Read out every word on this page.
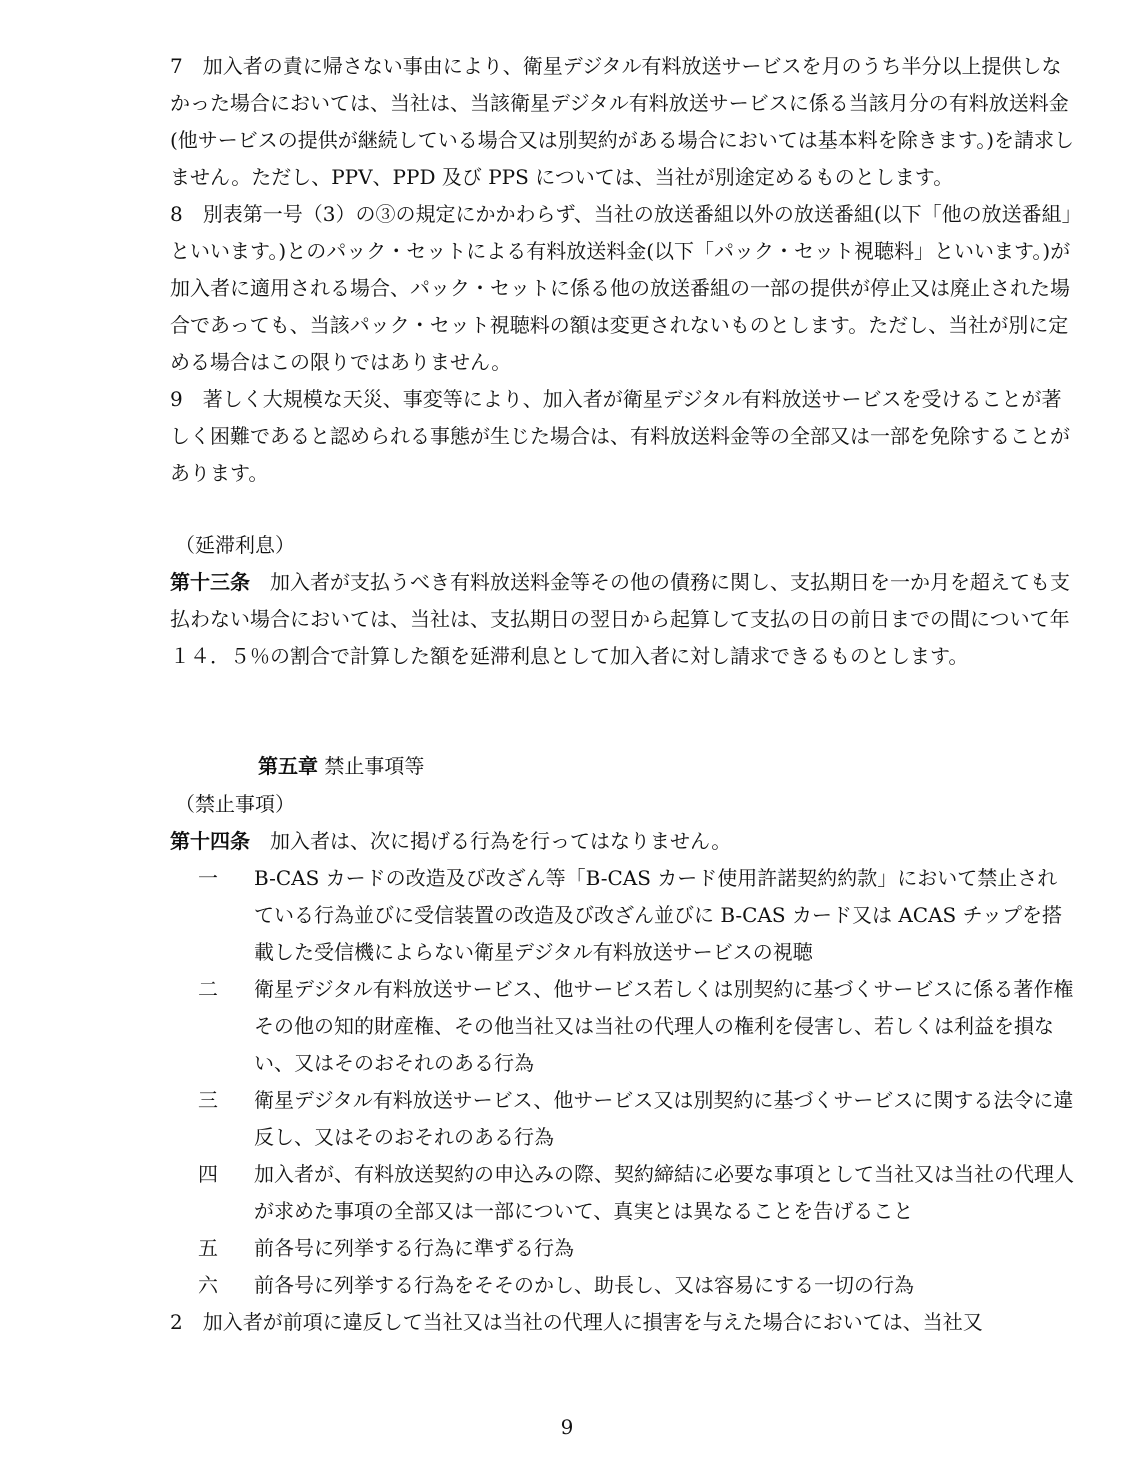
7　加入者の責に帰さない事由により、衛星デジタル有料放送サービスを月のうち半分以上提供しなかった場合においては、当社は、当該衛星デジタル有料放送サービスに係る当該月分の有料放送料金(他サービスの提供が継続している場合又は別契約がある場合においては基本料を除きます。)を請求しません。ただし、PPV、PPD 及び PPS については、当社が別途定めるものとします。

8　別表第一号（3）の③の規定にかかわらず、当社の放送番組以外の放送番組(以下「他の放送番組」といいます。)とのパック・セットによる有料放送料金(以下「パック・セット視聴料」といいます。)が加入者に適用される場合、パック・セットに係る他の放送番組の一部の提供が停止又は廃止された場合であっても、当該パック・セット視聴料の額は変更されないものとします。ただし、当社が別に定める場合はこの限りではありません。

9　著しく大規模な天災、事変等により、加入者が衛星デジタル有料放送サービスを受けることが著しく困難であると認められる事態が生じた場合は、有料放送料金等の全部又は一部を免除することがあります。

（延滞利息）

第十三条　加入者が支払うべき有料放送料金等その他の債務に関し、支払期日を一か月を超えても支払わない場合においては、当社は、支払期日の翌日から起算して支払の日の前日までの間について年１４．５％の割合で計算した額を延滞利息として加入者に対し請求できるものとします。

第五章 禁止事項等
（禁止事項）

第十四条　加入者は、次に掲げる行為を行ってはなりません。

一 B-CAS カードの改造及び改ざん等「B-CAS カード使用許諾契約約款」において禁止されている行為並びに受信装置の改造及び改ざん並びに B-CAS カード又は ACAS チップを搭載した受信機によらない衛星デジタル有料放送サービスの視聴
二 衛星デジタル有料放送サービス、他サービス若しくは別契約に基づくサービスに係る著作権その他の知的財産権、その他当社又は当社の代理人の権利を侵害し、若しくは利益を損ない、又はそのおそれのある行為
三 衛星デジタル有料放送サービス、他サービス又は別契約に基づくサービスに関する法令に違反し、又はそのおそれのある行為
四 加入者が、有料放送契約の申込みの際、契約締結に必要な事項として当社又は当社の代理人が求めた事項の全部又は一部について、真実とは異なることを告げること
五 前各号に列挙する行為に準ずる行為
六 前各号に列挙する行為をそそのかし、助長し、又は容易にする一切の行為

2　加入者が前項に違反して当社又は当社の代理人に損害を与えた場合においては、当社又

9
